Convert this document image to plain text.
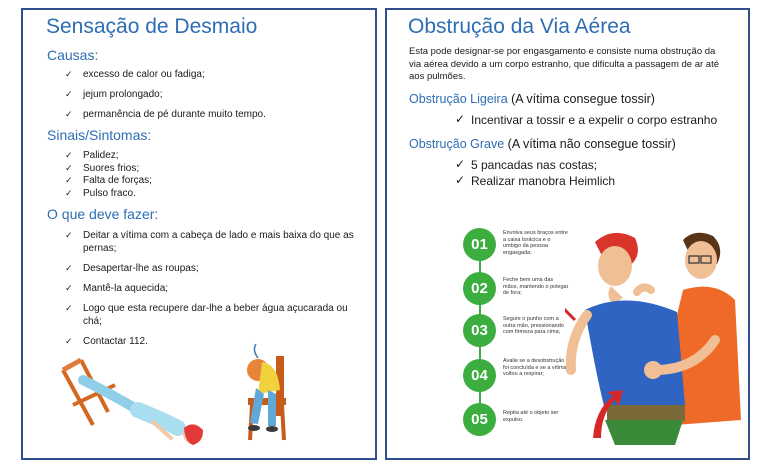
Sensação de Desmaio
Causas:
✓ excesso de calor ou fadiga;
✓ jejum prolongado;
✓ permanência de pé durante muito tempo.
Sinais/Sintomas:
✓ Palidez;
✓ Suores frios;
✓ Falta de forças;
✓ Pulso fraco.
O que deve fazer:
✓ Deitar a vítima com a cabeça de lado e mais baixa do que as pernas;
✓ Desapertar-lhe as roupas;
✓ Mantê-la aquecida;
✓ Logo que esta recupere dar-lhe a beber água açucarada ou chá;
✓ Contactar 112.
Obstrução da Via Aérea
Esta pode designar-se por engasgamento e consiste numa obstrução da via aérea devido a um corpo estranho, que dificulta a passagem de ar até aos pulmões.
Obstrução Ligeira (A vítima consegue tossir)
✓ Incentivar a tossir e a expelir o corpo estranho
Obstrução Grave (A vítima não consegue tossir)
✓ 5 pancadas nas costas;
✓ Realizar manobra Heimlich
01
Envolva seus braços entre a caixa torácica e o umbigo da pessoa engasgada;
02	Feche bem uma das mãos, mantendo o polegar de fora;
03
Segure o punho com a outra mão, pressionando com firmeza para cima;
04
Avalie se a desobstrução foi concluída e se a vítima voltou a respirar;
05	Repita até o objeto ser expulso.
